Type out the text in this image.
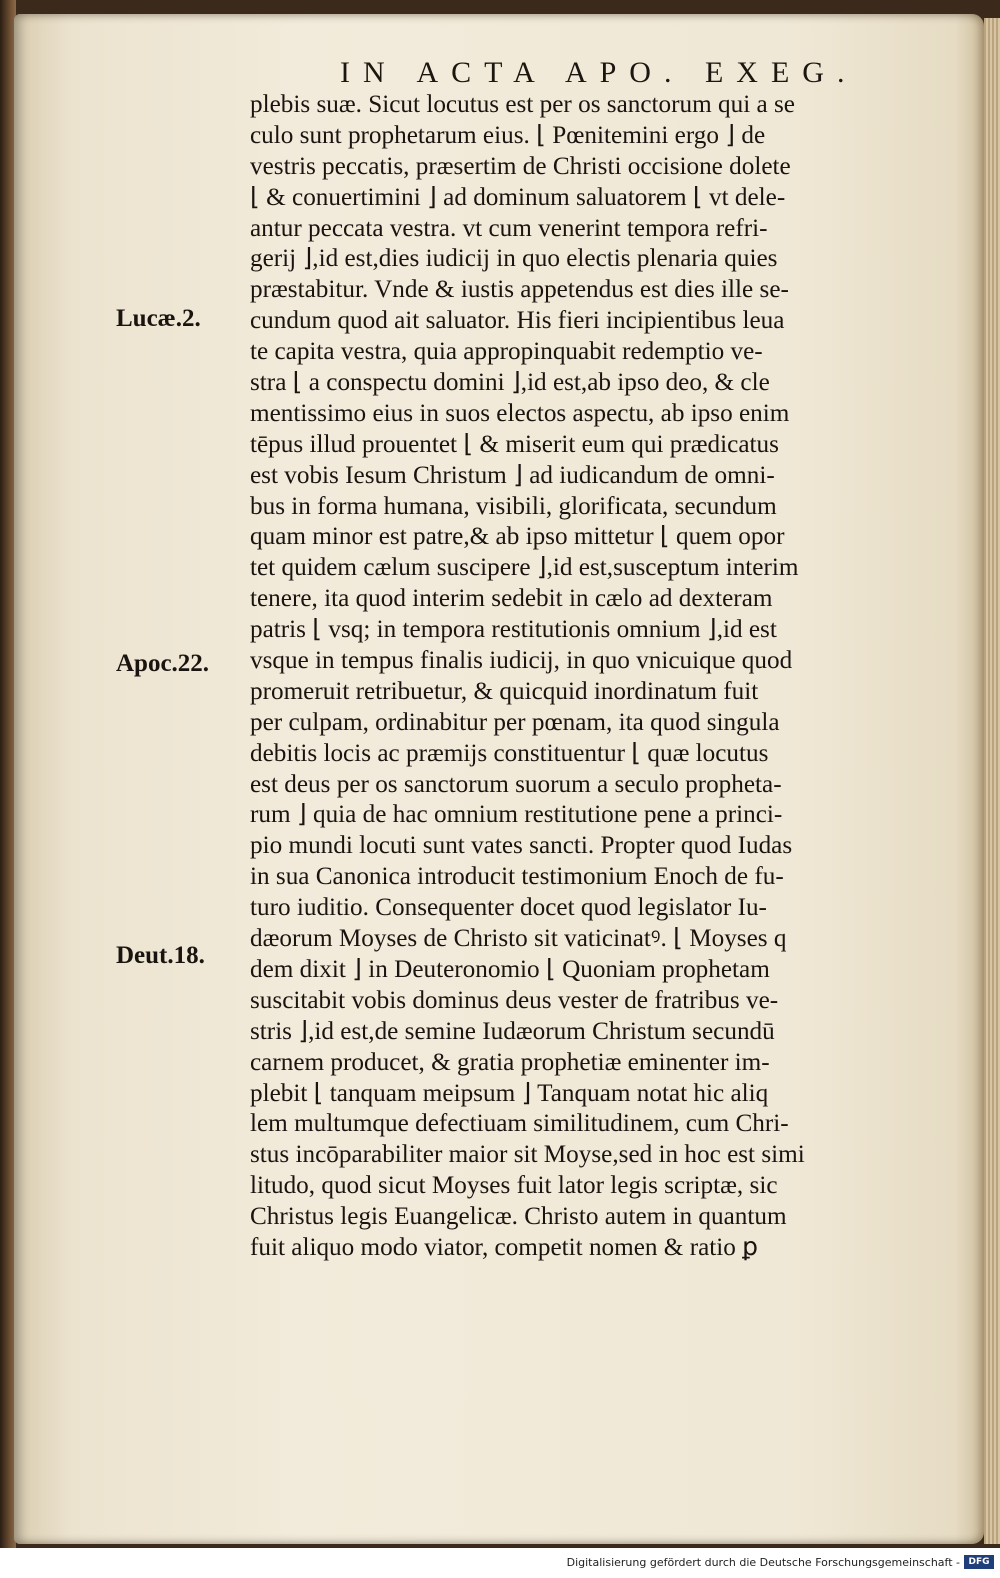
IN ACTA APO. EXEG.
plebis suæ. Sicut locutus est per os sanctorum qui a se
culo sunt prophetarum eius. ⌊ Pœnitemini ergo ⌋ de
vestris peccatis, præsertim de Christi occisione dolete
⌊ & conuertimini ⌋ ad dominum saluatorem ⌊ vt dele-
antur peccata vestra. vt cum venerint tempora refri-
gerij ⌋,id est,dies iudicij in quo electis plenaria quies
præstabitur. Vnde & iustis appetendus est dies ille se-
cundum quod ait saluator. His fieri incipientibus leua
te capita vestra, quia appropinquabit redemptio ve-
stra ⌊ a conspectu domini ⌋,id est,ab ipso deo, & cle
mentissimo eius in suos electos aspectu, ab ipso enim
tēpus illud prouentet ⌊ & miserit eum qui prædicatus
est vobis Iesum Christum ⌋ ad iudicandum de omni-
bus in forma humana, visibili, glorificata, secundum
quam minor est patre,& ab ipso mittetur ⌊ quem opor
tet quidem cælum suscipere ⌋,id est,susceptum interim
tenere, ita quod interim sedebit in cælo ad dexteram
patris ⌊ vsq; in tempora restitutionis omnium ⌋,id est
vsque in tempus finalis iudicij, in quo vnicuique quod
promeruit retribuetur, & quicquid inordinatum fuit
per culpam, ordinabitur per pœnam, ita quod singula
debitis locis ac præmijs constituentur ⌊ quæ locutus
est deus per os sanctorum suorum a seculo propheta-
rum ⌋ quia de hac omnium restitutione pene a princi-
pio mundi locuti sunt vates sancti. Propter quod Iudas
in sua Canonica introducit testimonium Enoch de fu-
turo iuditio. Consequenter docet quod legislator Iu-
dæorum Moyses de Christo sit vaticinatꝰ. ⌊ Moyses q
dem dixit ⌋ in Deuteronomio ⌊ Quoniam prophetam
suscitabit vobis dominus deus vester de fratribus ve-
stris ⌋,id est,de semine Iudæorum Christum secundū
carnem producet, & gratia prophetiæ eminenter im-
plebit ⌊ tanquam meipsum ⌋ Tanquam notat hic aliq
lem multumque defectiuam similitudinem, cum Chri-
stus incōparabiliter maior sit Moyse,sed in hoc est simi
litudo, quod sicut Moyses fuit lator legis scriptæ, sic
Christus legis Euangelicæ. Christo autem in quantum
fuit aliquo modo viator, competit nomen & ratio ꝑ
Lucæ.2.
Apoc.22.
Deut.18.
Digitalisierung gefördert durch die Deutsche Forschungsgemeinschaft - DFG
